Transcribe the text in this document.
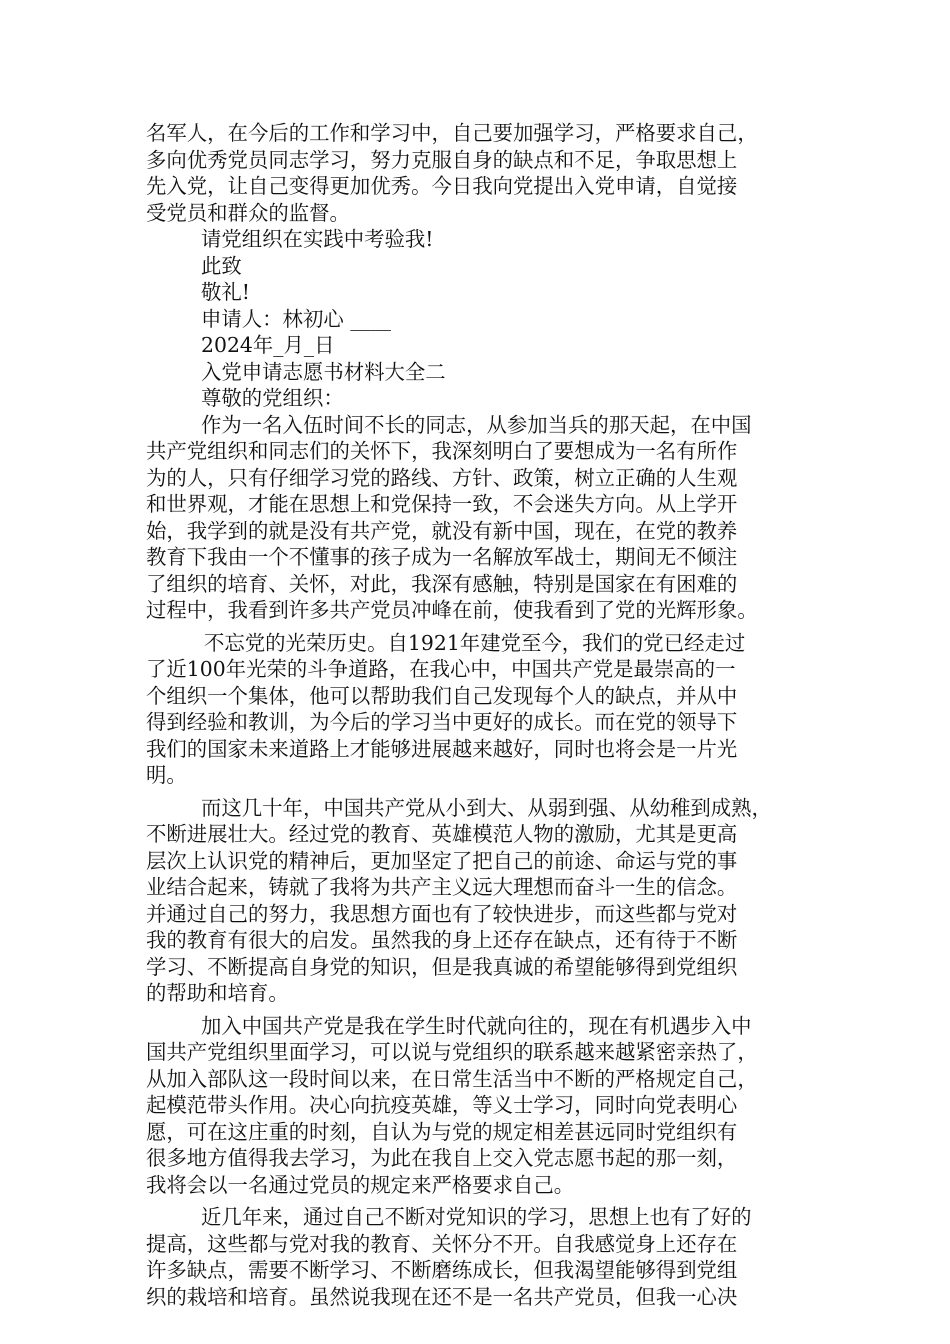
名军人，在今后的工作和学习中，自己要加强学习，严格要求自己，
多向优秀党员同志学习，努力克服自身的缺点和不足，争取思想上
先入党，让自己变得更加优秀。今日我向党提出入党申请，自觉接
受党员和群众的监督。
请党组织在实践中考验我!
此致
敬礼!
申请人：林初心 ____
2024年_月_日
入党申请志愿书材料大全二
尊敬的党组织：
作为一名入伍时间不长的同志，从参加当兵的那天起，在中国
共产党组织和同志们的关怀下，我深刻明白了要想成为一名有所作
为的人，只有仔细学习党的路线、方针、政策，树立正确的人生观
和世界观，才能在思想上和党保持一致，不会迷失方向。从上学开
始，我学到的就是没有共产党，就没有新中国，现在，在党的教养
教育下我由一个不懂事的孩子成为一名解放军战士，期间无不倾注
了组织的培育、关怀，对此，我深有感触，特别是国家在有困难的
过程中，我看到许多共产党员冲峰在前，使我看到了党的光辉形象。
不忘党的光荣历史。自1921年建党至今，我们的党已经走过
了近100年光荣的斗争道路，在我心中，中国共产党是最崇高的一
个组织一个集体，他可以帮助我们自己发现每个人的缺点，并从中
得到经验和教训，为今后的学习当中更好的成长。而在党的领导下
我们的国家未来道路上才能够进展越来越好，同时也将会是一片光
明。
而这几十年，中国共产党从小到大、从弱到强、从幼稚到成熟，
不断进展壮大。经过党的教育、英雄模范人物的激励，尤其是更高
层次上认识党的精神后，更加坚定了把自己的前途、命运与党的事
业结合起来，铸就了我将为共产主义远大理想而奋斗一生的信念。
并通过自己的努力，我思想方面也有了较快进步，而这些都与党对
我的教育有很大的启发。虽然我的身上还存在缺点，还有待于不断
学习、不断提高自身党的知识，但是我真诚的希望能够得到党组织
的帮助和培育。
加入中国共产党是我在学生时代就向往的，现在有机遇步入中
国共产党组织里面学习，可以说与党组织的联系越来越紧密亲热了，
从加入部队这一段时间以来，在日常生活当中不断的严格规定自己，
起模范带头作用。决心向抗疫英雄，等义士学习，同时向党表明心
愿，可在这庄重的时刻，自认为与党的规定相差甚远同时党组织有
很多地方值得我去学习，为此在我自上交入党志愿书起的那一刻，
我将会以一名通过党员的规定来严格要求自己。
近几年来，通过自己不断对党知识的学习，思想上也有了好的
提高，这些都与党对我的教育、关怀分不开。自我感觉身上还存在
许多缺点，需要不断学习、不断磨练成长，但我渴望能够得到党组
织的栽培和培育。虽然说我现在还不是一名共产党员，但我一心决
